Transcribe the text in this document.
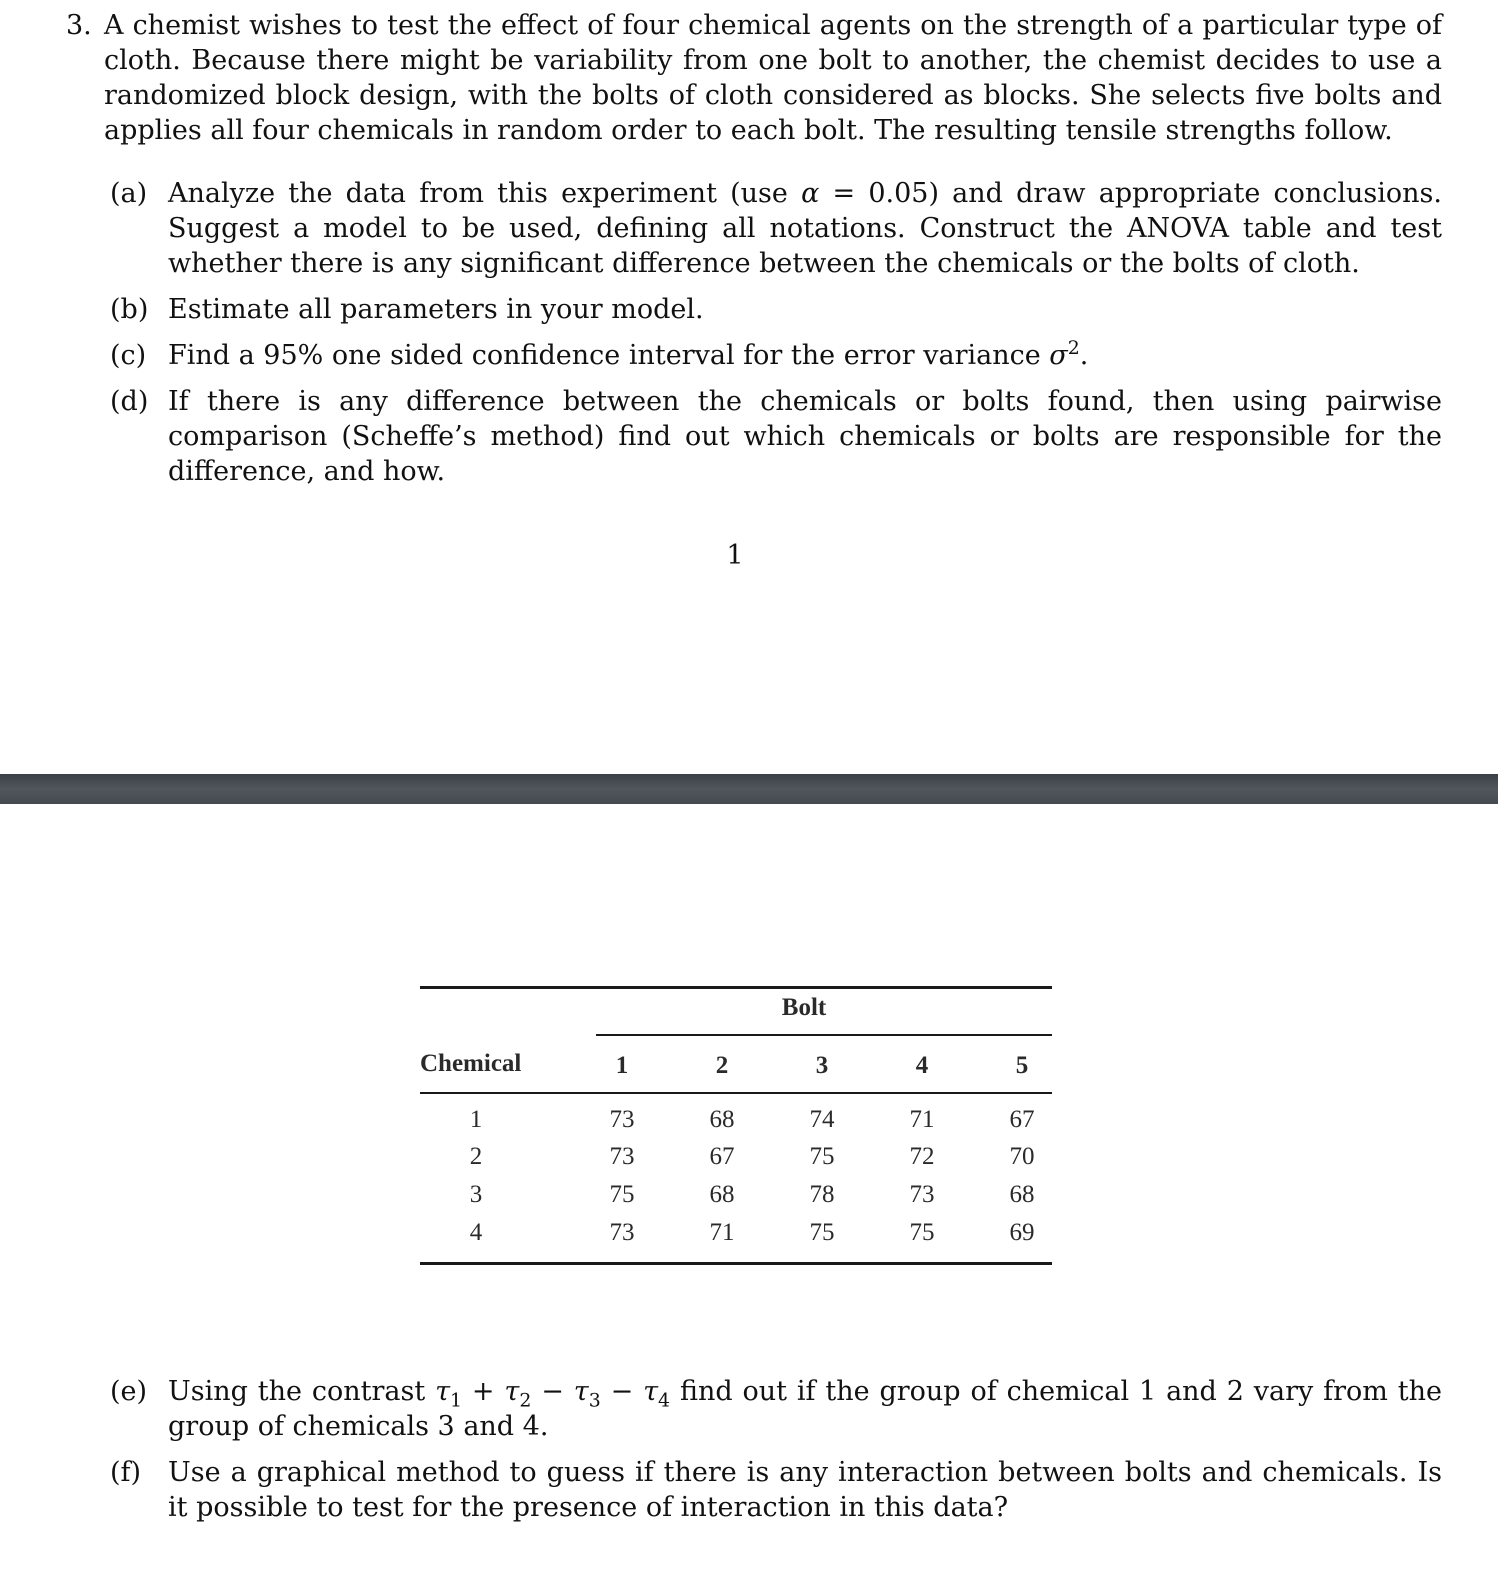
3. A chemist wishes to test the effect of four chemical agents on the strength of a particular type of cloth. Because there might be variability from one bolt to another, the chemist decides to use a randomized block design, with the bolts of cloth considered as blocks. She selects five bolts and applies all four chemicals in random order to each bolt. The resulting tensile strengths follow.
(a) Analyze the data from this experiment (use α = 0.05) and draw appropriate conclusions. Suggest a model to be used, defining all notations. Construct the ANOVA table and test whether there is any significant difference between the chemicals or the bolts of cloth.
(b) Estimate all parameters in your model.
(c) Find a 95% one sided confidence interval for the error variance $\sigma^2$.
(d) If there is any difference between the chemicals or bolts found, then using pairwise comparison (Scheffe’s method) find out which chemicals or bolts are responsible for the difference, and how.
1
Bolt
Chemical	1	2	3	4	5
1	73	68	74	71	67
2	73	67	75	72	70
3	75	68	78	73	68
4	73	71	75	75	69
(e) Using the contrast $\tau_1 + \tau_2 - \tau_3 - \tau_4$ find out if the group of chemical 1 and 2 vary from the group of chemicals 3 and 4.
(f) Use a graphical method to guess if there is any interaction between bolts and chemicals. Is it possible to test for the presence of interaction in this data?
